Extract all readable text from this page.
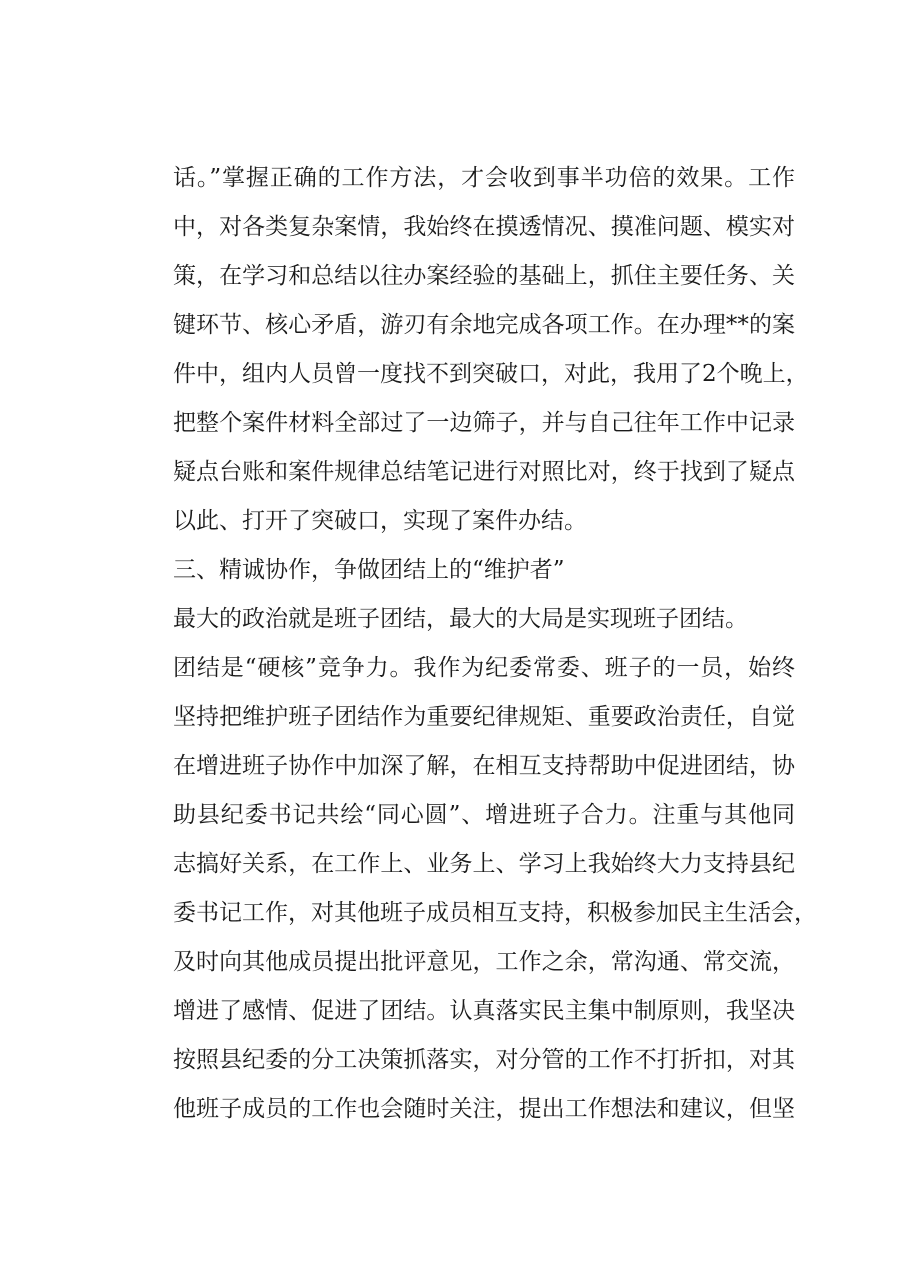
话。”掌握正确的工作方法，才会收到事半功倍的效果。工作
中，对各类复杂案情，我始终在摸透情况、摸准问题、模实对
策，在学习和总结以往办案经验的基础上，抓住主要任务、关
键环节、核心矛盾，游刃有余地完成各项工作。在办理**的案
件中，组内人员曾一度找不到突破口，对此，我用了2个晚上，
把整个案件材料全部过了一边筛子，并与自己往年工作中记录
疑点台账和案件规律总结笔记进行对照比对，终于找到了疑点
以此、打开了突破口，实现了案件办结。
三、精诚协作，争做团结上的“维护者”
最大的政治就是班子团结，最大的大局是实现班子团结。
团结是“硬核”竞争力。我作为纪委常委、班子的一员，始终
坚持把维护班子团结作为重要纪律规矩、重要政治责任，自觉
在增进班子协作中加深了解，在相互支持帮助中促进团结，协
助县纪委书记共绘“同心圆”、增进班子合力。注重与其他同
志搞好关系，在工作上、业务上、学习上我始终大力支持县纪
委书记工作，对其他班子成员相互支持，积极参加民主生活会，
及时向其他成员提出批评意见，工作之余，常沟通、常交流，
增进了感情、促进了团结。认真落实民主集中制原则，我坚决
按照县纪委的分工决策抓落实，对分管的工作不打折扣，对其
他班子成员的工作也会随时关注，提出工作想法和建议，但坚
